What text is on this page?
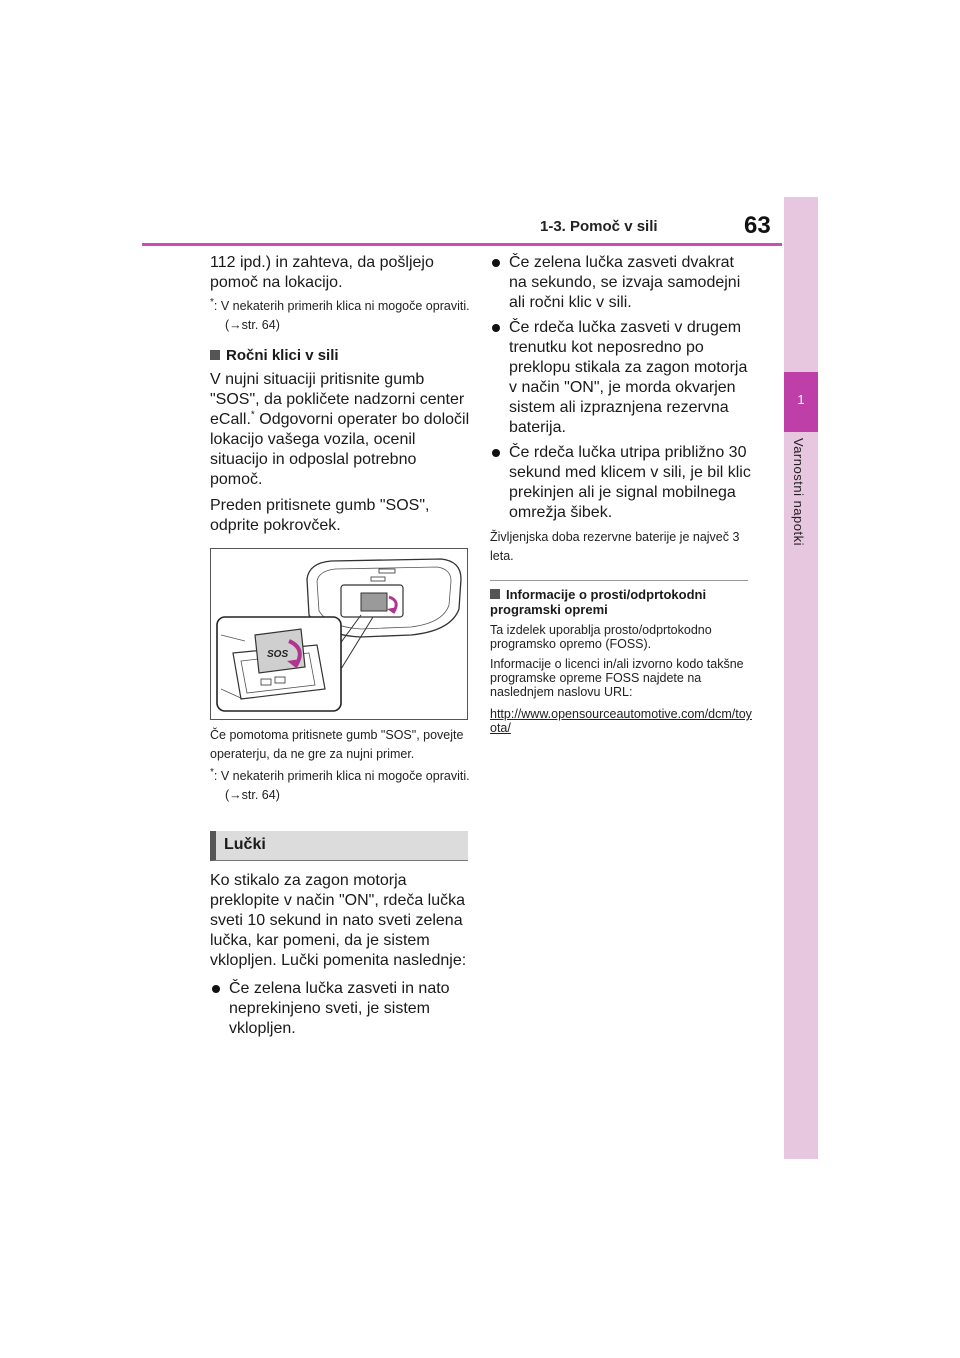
1-3. Pomoč v sili	63
1
Varnostni napotki

112 ipd.) in zahteva, da pošljejo pomoč na lokacijo.

*: V nekaterih primerih klica ni mogoče opraviti. (→str. 64)

Ročni klici v sili

V nujni situaciji pritisnite gumb "SOS", da pokličete nadzorni center eCall.* Odgovorni operater bo določil lokacijo vašega vozila, ocenil situacijo in odposlal potrebno pomoč.

Preden pritisnete gumb "SOS", odprite pokrovček.

SOS

Če pomotoma pritisnete gumb "SOS", povejte operaterju, da ne gre za nujni primer.

*: V nekaterih primerih klica ni mogoče opraviti. (→str. 64)

Lučki

Ko stikalo za zagon motorja preklopite v način "ON", rdeča lučka sveti 10 sekund in nato sveti zelena lučka, kar pomeni, da je sistem vklopljen. Lučki pomenita naslednje:

Če zelena lučka zasveti in nato neprekinjeno sveti, je sistem vklopljen.
Če zelena lučka zasveti dvakrat na sekundo, se izvaja samodejni ali ročni klic v sili.
Če rdeča lučka zasveti v drugem trenutku kot neposredno po preklopu stikala za zagon motorja v način "ON", je morda okvarjen sistem ali izpraznjena rezervna baterija.
Če rdeča lučka utripa približno 30 sekund med klicem v sili, je bil klic prekinjen ali je signal mobilnega omrežja šibek.

Življenjska doba rezervne baterije je največ 3 leta.

Informacije o prosti/odprtokodni programski opremi

Ta izdelek uporablja prosto/odprtokodno programsko opremo (FOSS).

Informacije o licenci in/ali izvorno kodo takšne programske opreme FOSS najdete na naslednjem naslovu URL:

http://www.opensourceautomotive.com/dcm/toyota/
